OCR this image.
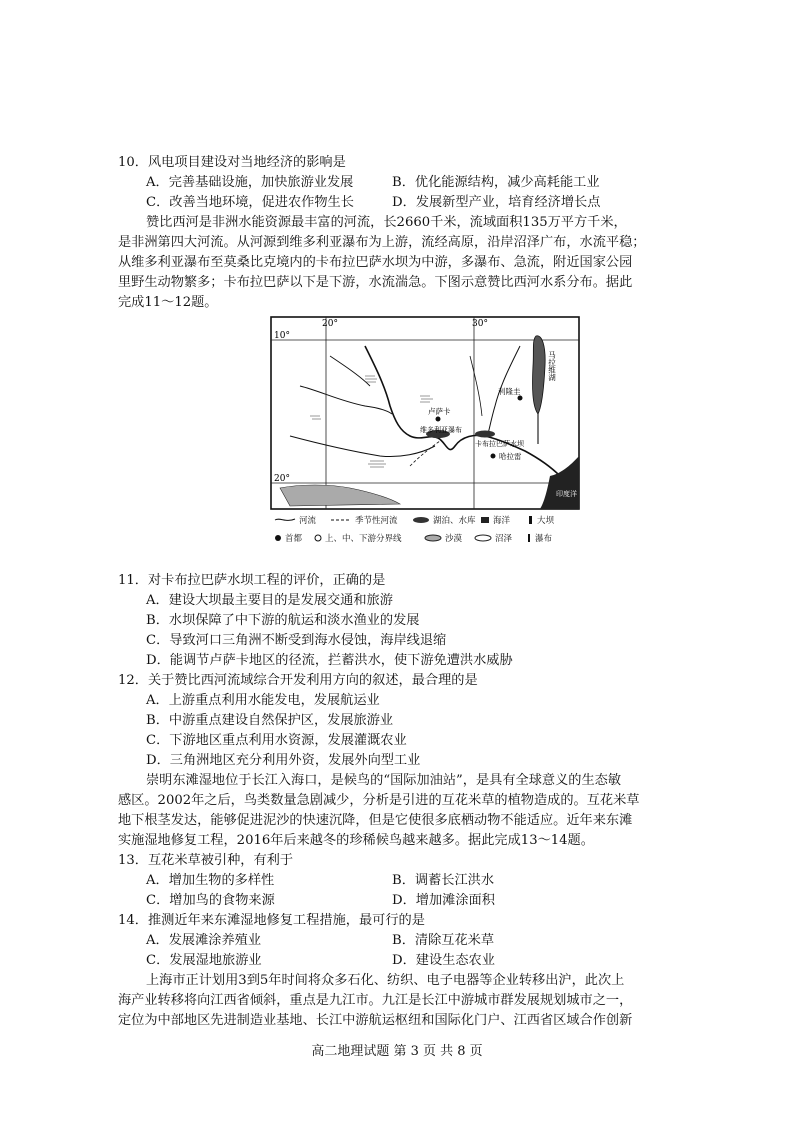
10．风电项目建设对当地经济的影响是
A．完善基础设施，加快旅游业发展	B．优化能源结构，减少高耗能工业
C．改善当地环境，促进农作物生长	D．发展新型产业，培育经济增长点
赞比西河是非洲水能资源最丰富的河流，长2660千米，流域面积135万平方千米，
是非洲第四大河流。从河源到维多利亚瀑布为上游，流经高原，沿岸沼泽广布，水流平稳；
从维多利亚瀑布至莫桑比克境内的卡布拉巴萨水坝为中游，多瀑布、急流，附近国家公园
里野生动物繁多；卡布拉巴萨以下是下游，水流湍急。下图示意赞比西河水系分布。据此
完成11～12题。
20°	30°
10°
20°
马拉维湖
印度洋
卢萨卡
利隆圭
哈拉雷
维多利亚瀑布
卡布拉巴萨水坝
河流	季节性河流	湖泊、水库 海洋	大坝
首都	上、中、下游分界线	沙漠	沼泽	瀑布
11．对卡布拉巴萨水坝工程的评价，正确的是
A．建设大坝最主要目的是发展交通和旅游
B．水坝保障了中下游的航运和淡水渔业的发展
C．导致河口三角洲不断受到海水侵蚀，海岸线退缩
D．能调节卢萨卡地区的径流，拦蓄洪水，使下游免遭洪水威胁
12．关于赞比西河流域综合开发利用方向的叙述，最合理的是
A．上游重点利用水能发电，发展航运业
B．中游重点建设自然保护区，发展旅游业
C．下游地区重点利用水资源，发展灌溉农业
D．三角洲地区充分利用外资，发展外向型工业
崇明东滩湿地位于长江入海口，是候鸟的“国际加油站”，是具有全球意义的生态敏
感区。2002年之后，鸟类数量急剧减少，分析是引进的互花米草的植物造成的。互花米草
地下根茎发达，能够促进泥沙的快速沉降，但是它使很多底栖动物不能适应。近年来东滩
实施湿地修复工程，2016年后来越冬的珍稀候鸟越来越多。据此完成13～14题。
13．互花米草被引种，有利于
A．增加生物的多样性	B．调蓄长江洪水
C．增加鸟的食物来源	D．增加滩涂面积
14．推测近年来东滩湿地修复工程措施，最可行的是
A．发展滩涂养殖业	B．清除互花米草
C．发展湿地旅游业	D．建设生态农业
上海市正计划用3到5年时间将众多石化、纺织、电子电器等企业转移出沪，此次上
海产业转移将向江西省倾斜，重点是九江市。九江是长江中游城市群发展规划城市之一，
定位为中部地区先进制造业基地、长江中游航运枢纽和国际化门户、江西省区域合作创新
高二地理试题 第 3 页 共 8 页
